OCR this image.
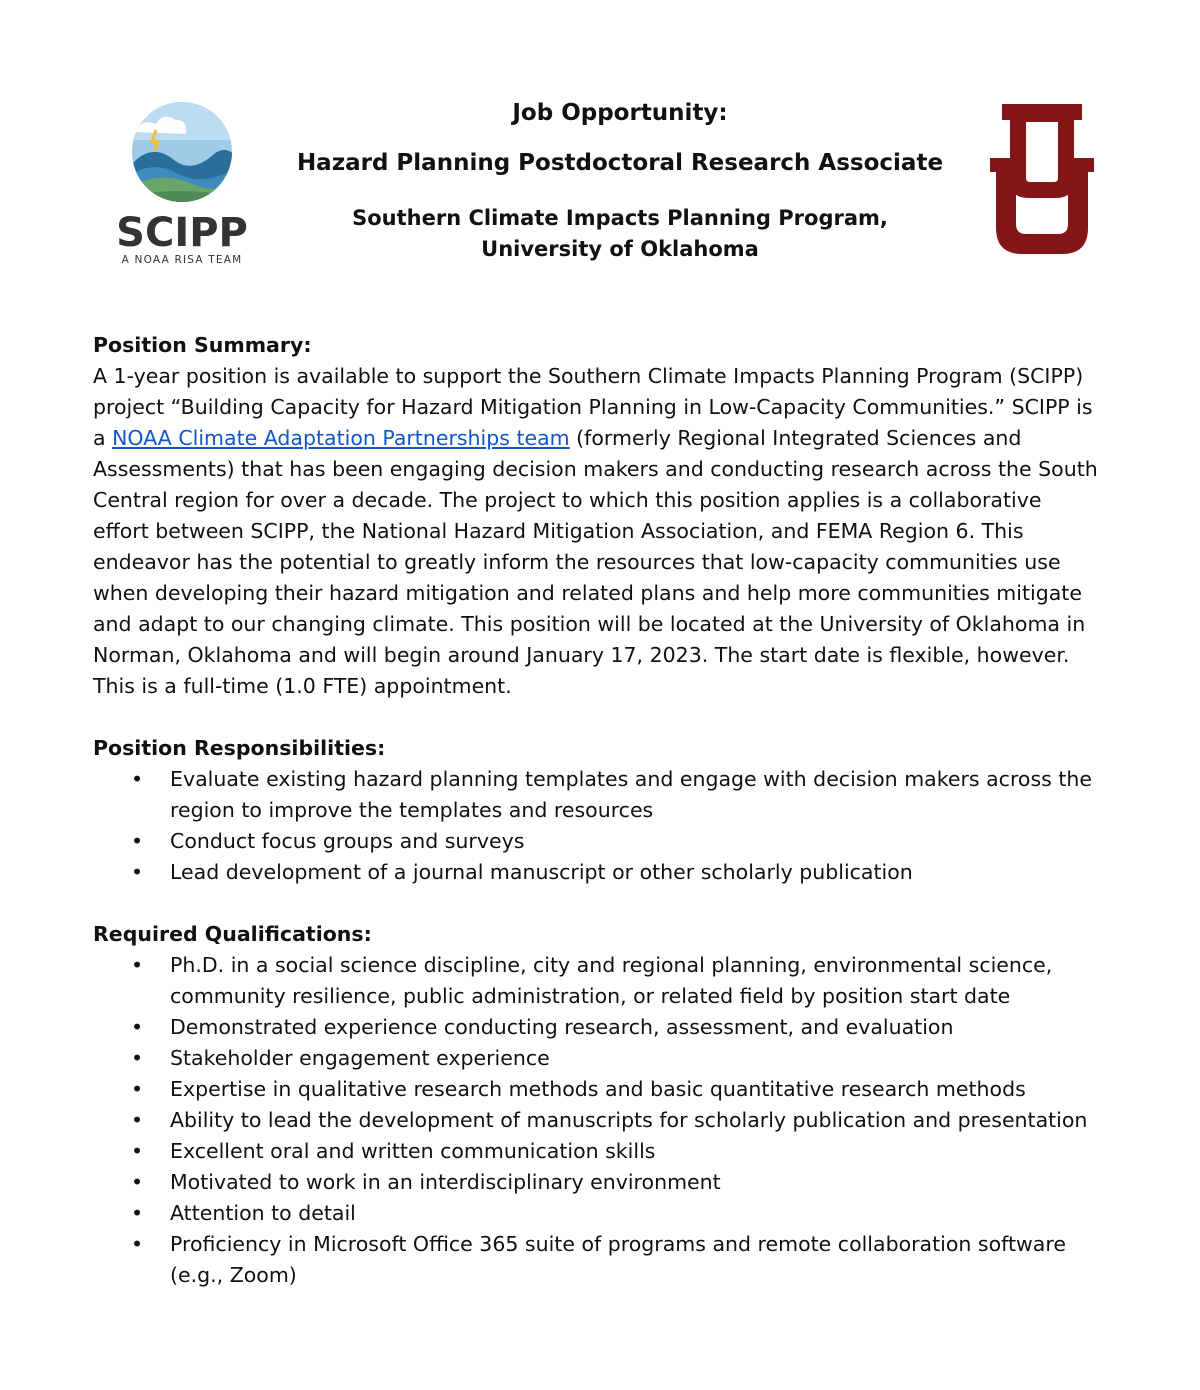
SCIPP
A NOAA RISA TEAM
®
Job Opportunity:
Hazard Planning Postdoctoral Research Associate
Southern Climate Impacts Planning Program,
University of Oklahoma

Position Summary:

A 1-year position is available to support the Southern Climate Impacts Planning Program (SCIPP) project “Building Capacity for Hazard Mitigation Planning in Low-Capacity Communities.” SCIPP is a NOAA Climate Adaptation Partnerships team (formerly Regional Integrated Sciences and Assessments) that has been engaging decision makers and conducting research across the South Central region for over a decade. The project to which this position applies is a collaborative effort between SCIPP, the National Hazard Mitigation Association, and FEMA Region 6. This endeavor has the potential to greatly inform the resources that low-capacity communities use when developing their hazard mitigation and related plans and help more communities mitigate and adapt to our changing climate. This position will be located at the University of Oklahoma in Norman, Oklahoma and will begin around January 17, 2023. The start date is flexible, however. This is a full-time (1.0 FTE) appointment.

Position Responsibilities:

• Evaluate existing hazard planning templates and engage with decision makers across the region to improve the templates and resources
• Conduct focus groups and surveys
• Lead development of a journal manuscript or other scholarly publication

Required Qualifications:

• Ph.D. in a social science discipline, city and regional planning, environmental science, community resilience, public administration, or related field by position start date
• Demonstrated experience conducting research, assessment, and evaluation
• Stakeholder engagement experience
• Expertise in qualitative research methods and basic quantitative research methods
• Ability to lead the development of manuscripts for scholarly publication and presentation
• Excellent oral and written communication skills
• Motivated to work in an interdisciplinary environment
• Attention to detail
• Proficiency in Microsoft Office 365 suite of programs and remote collaboration software (e.g., Zoom)
